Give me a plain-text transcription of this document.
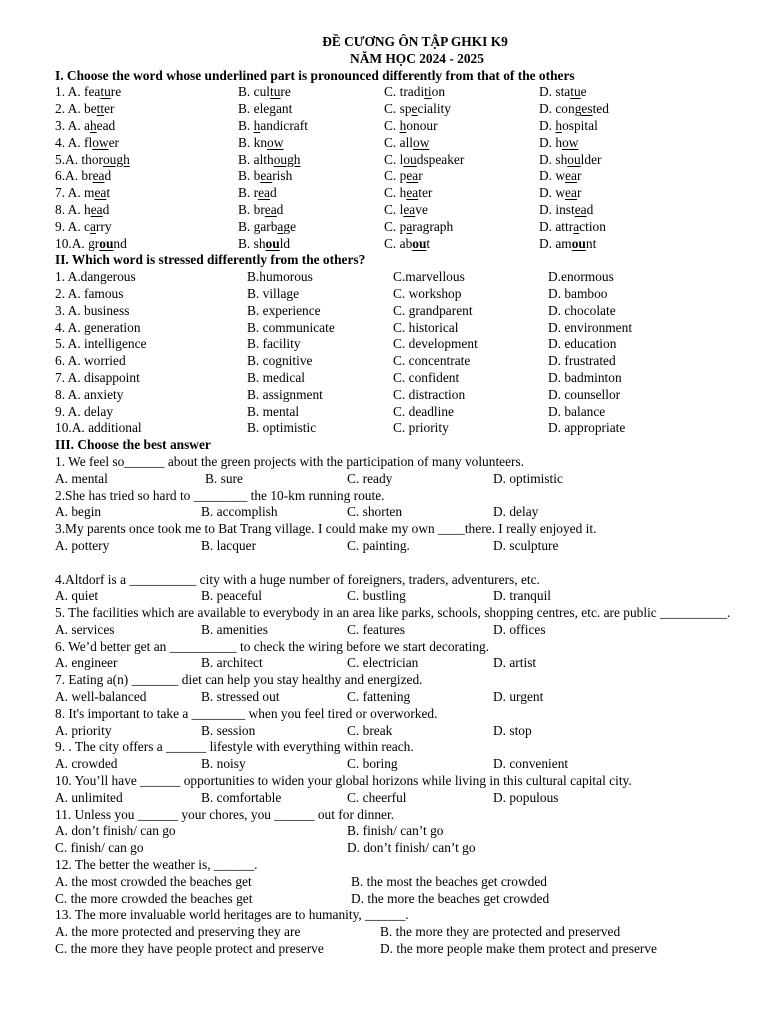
ĐỀ CƯƠNG ÔN TẬP GHKI K9
NĂM HỌC 2024 - 2025
I. Choose the word whose underlined part is pronounced differently from that of the others
1. A. feature	B. culture	C. tradition	D. statue
2. A. better	B. elegant	C. speciality	D. congested
3. A. ahead	B. handicraft	C. honour	D. hospital
4. A. flower	B. know	C. allow	D. how
5.A. thorough	B. although	C. loudspeaker	D. shoulder
6.A. bread	B. bearish	C. pear	D. wear
7. A. meat	B. read	C. heater	D. wear
8. A. head	B. bread	C. leave	D. instead
9. A. carry	B. garbage	C. paragraph	D. attraction
10.A. ground	B. should	C. about	D. amount
II. Which word is stressed differently from the others?
1. A.dangerous	B.humorous	C.marvellous	D.enormous
2. A. famous	B. village	C. workshop	D. bamboo
3. A. business	B. experience	C. grandparent	D. chocolate
4. A. generation	B. communicate	C. historical	D. environment
5. A. intelligence	B. facility	C. development	D. education
6. A. worried	B. cognitive	C. concentrate	D. frustrated
7. A. disappoint	B. medical	C. confident	D. badminton
8. A. anxiety	B. assignment	C. distraction	D. counsellor
9. A. delay	B. mental	C. deadline	D. balance
10.A. additional	B. optimistic	C. priority	D. appropriate
III. Choose the best answer
1. We feel so______ about the green projects with the participation of many volunteers.
A. mental	B. sure	C. ready	D. optimistic
2.She has tried so hard to ________ the 10-km running route.
A. begin	B. accomplish	C. shorten	D. delay
3.My parents once took me to Bat Trang village. I could make my own ____there. I really enjoyed it.
A. pottery	B. lacquer	C. painting.	D. sculpture
4.Altdorf is a __________ city with a huge number of foreigners, traders, adventurers, etc.
A. quiet	B. peaceful	C. bustling	D. tranquil
5. The facilities which are available to everybody in an area like parks, schools, shopping centres, etc. are public __________.
A. services	B. amenities	C. features	D. offices
6. We’d better get an __________ to check the wiring before we start decorating.
A. engineer	B. architect	C. electrician	D. artist
7. Eating a(n) _______ diet can help you stay healthy and energized.
A. well-balanced	B. stressed out	C. fattening	D. urgent
8. It's important to take a ________ when you feel tired or overworked.
A. priority	B. session	C. break	D. stop
9. . The city offers a ______ lifestyle with everything within reach.
A. crowded	B. noisy	C. boring	D. convenient
10. You’ll have ______ opportunities to widen your global horizons while living in this cultural capital city.
A. unlimited	B. comfortable	C. cheerful	D. populous
11. Unless you ______ your chores, you ______ out for dinner.
A. don’t finish/ can go	B. finish/ can’t go
C. finish/ can go	D. don’t finish/ can’t go
12. The better the weather is, ______.
A. the most crowded the beaches get	B. the most the beaches get crowded
C. the more crowded the beaches get	D. the more the beaches get crowded
13. The more invaluable world heritages are to humanity, ______.
A. the more protected and preserving they are	B. the more they are protected and preserved
C. the more they have people protect and preserve	D. the more people make them protect and preserve
